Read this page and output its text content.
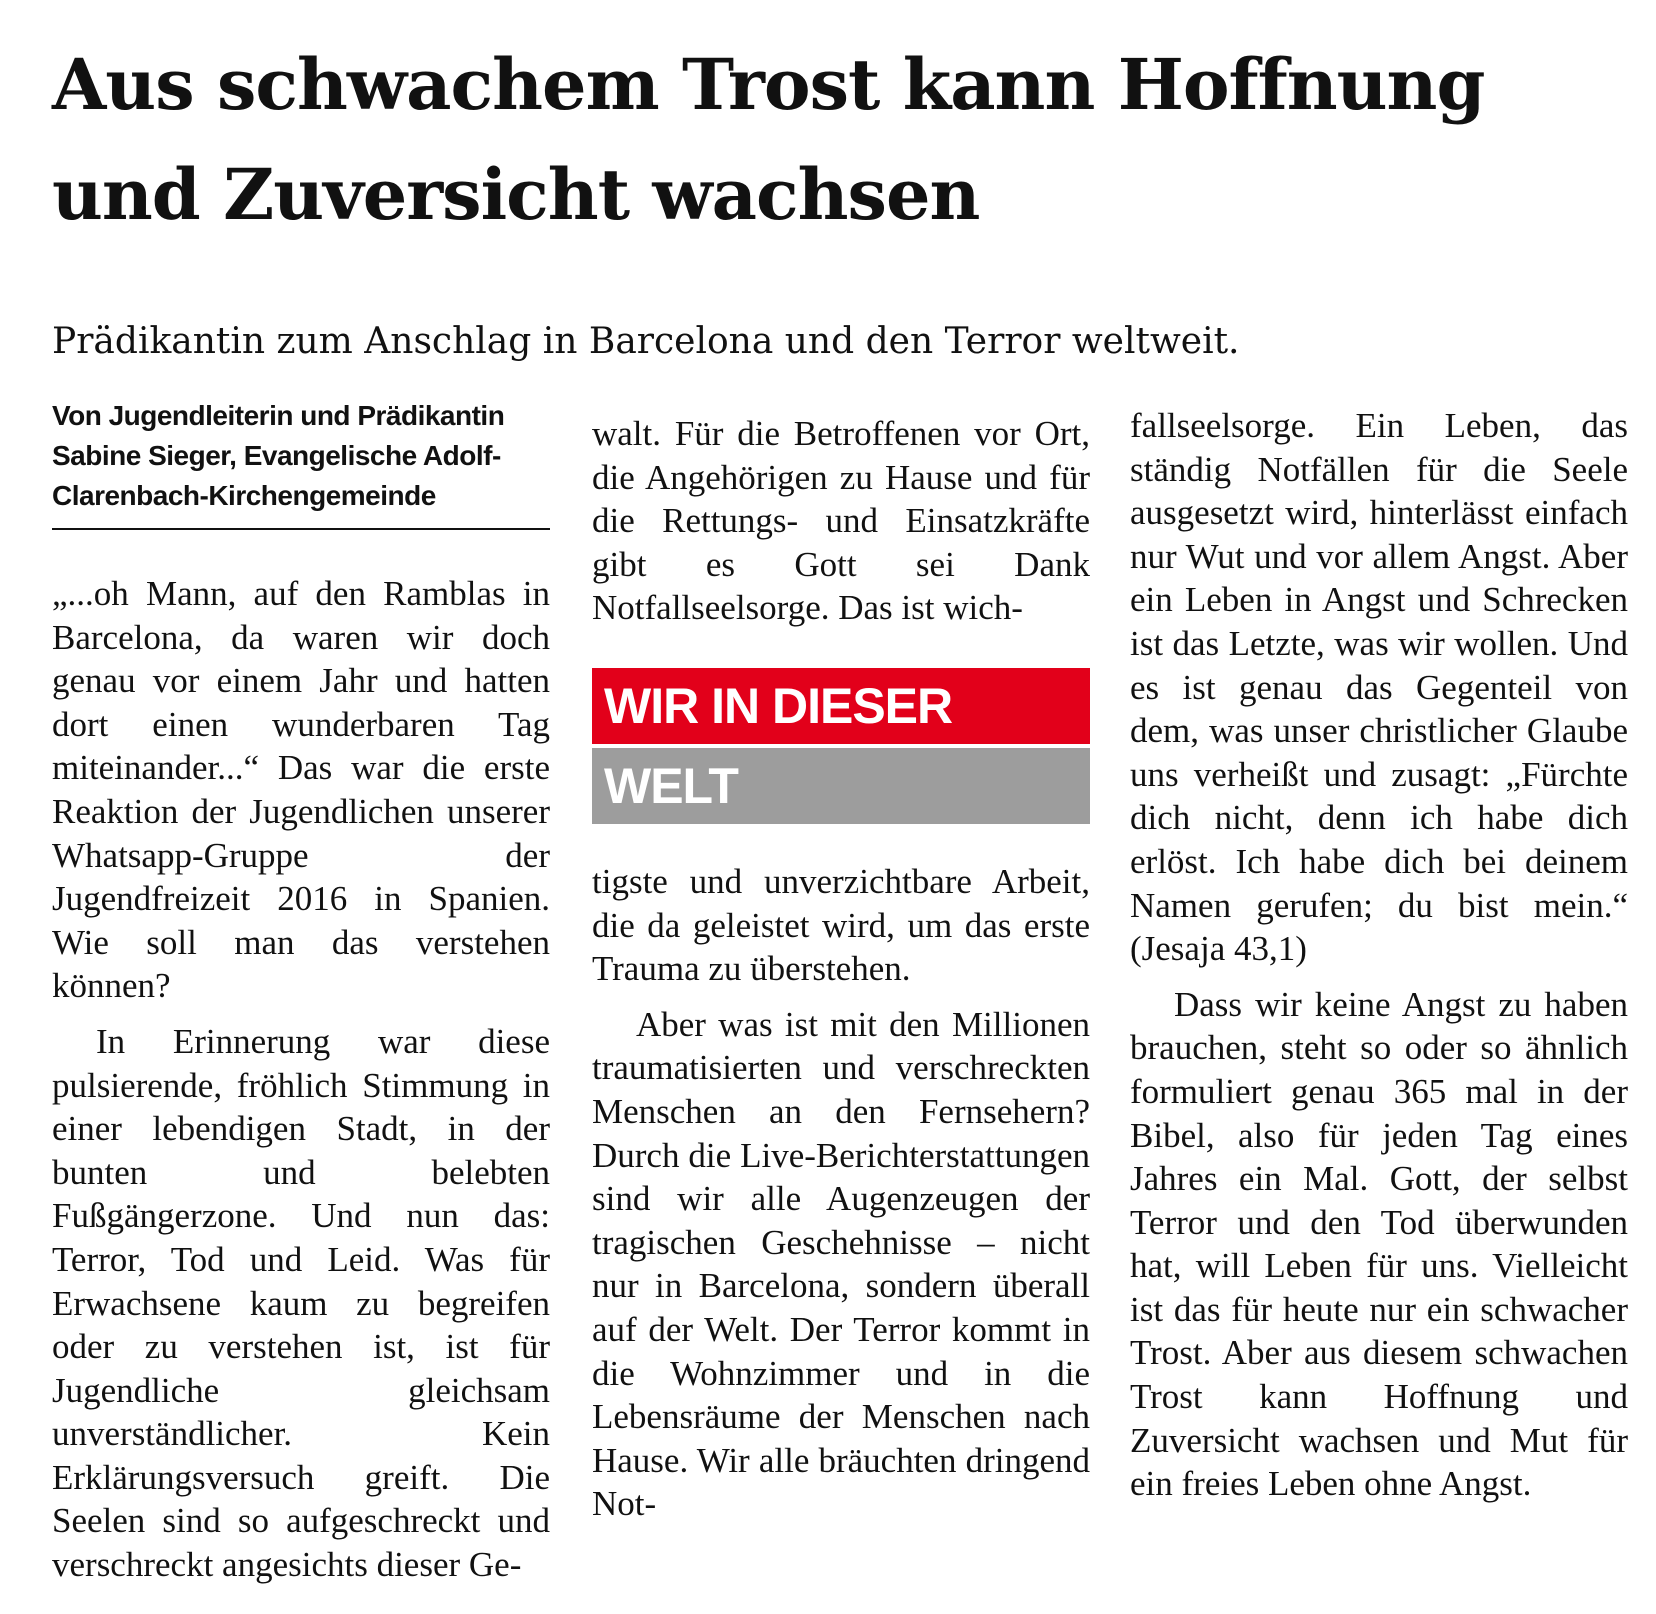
Aus schwachem Trost kann Hoffnung und Zuversicht wachsen
Prädikantin zum Anschlag in Barcelona und den Terror weltweit.
Von Jugendleiterin und Prädikantin Sabine Sieger, Evangelische Adolf-Clarenbach-Kirchengemeinde

„...oh Mann, auf den Ramblas in Barcelona, da waren wir doch genau vor einem Jahr und hatten dort einen wunderbaren Tag miteinander...“ Das war die erste Reaktion der Jugendlichen unserer Whatsapp-Gruppe der Jugendfreizeit 2016 in Spanien. Wie soll man das verstehen können?

In Erinnerung war diese pulsierende, fröhlich Stimmung in einer lebendigen Stadt, in der bunten und belebten Fußgängerzone. Und nun das: Terror, Tod und Leid. Was für Erwachsene kaum zu begreifen oder zu verstehen ist, ist für Jugendliche gleichsam unverständlicher. Kein Erklärungsversuch greift. Die Seelen sind so aufgeschreckt und verschreckt angesichts dieser Ge-

walt. Für die Betroffenen vor Ort, die Angehörigen zu Hause und für die Rettungs- und Einsatzkräfte gibt es Gott sei Dank Notfallseelsorge. Das ist wich-

WIR IN DIESER
WELT

tigste und unverzichtbare Arbeit, die da geleistet wird, um das erste Trauma zu überstehen.

Aber was ist mit den Millionen traumatisierten und verschreckten Menschen an den Fernsehern? Durch die Live-Berichterstattungen sind wir alle Augenzeugen der tragischen Geschehnisse – nicht nur in Barcelona, sondern überall auf der Welt. Der Terror kommt in die Wohnzimmer und in die Lebensräume der Menschen nach Hause. Wir alle bräuchten dringend Not-

fallseelsorge. Ein Leben, das ständig Notfällen für die Seele ausgesetzt wird, hinterlässt einfach nur Wut und vor allem Angst. Aber ein Leben in Angst und Schrecken ist das Letzte, was wir wollen. Und es ist genau das Gegenteil von dem, was unser christlicher Glaube uns verheißt und zusagt: „Fürchte dich nicht, denn ich habe dich erlöst. Ich habe dich bei deinem Namen gerufen; du bist mein.“ (Jesaja 43,1)

Dass wir keine Angst zu haben brauchen, steht so oder so ähnlich formuliert genau 365 mal in der Bibel, also für jeden Tag eines Jahres ein Mal. Gott, der selbst Terror und den Tod überwunden hat, will Leben für uns. Vielleicht ist das für heute nur ein schwacher Trost. Aber aus diesem schwachen Trost kann Hoffnung und Zuversicht wachsen und Mut für ein freies Leben ohne Angst.
